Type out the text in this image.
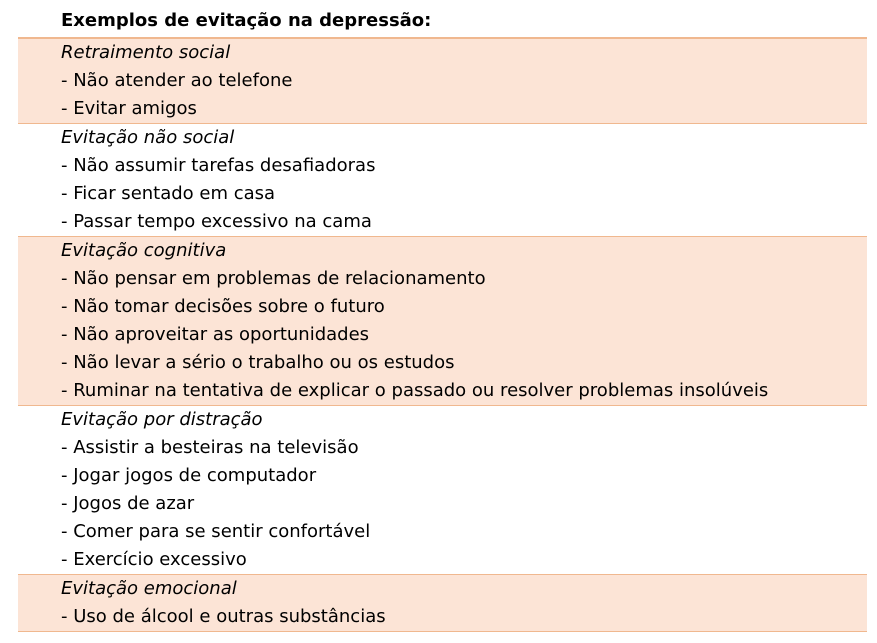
Exemplos de evitação na depressão:
Retraimento social
- Não atender ao telefone
- Evitar amigos
Evitação não social
- Não assumir tarefas desafiadoras
- Ficar sentado em casa
- Passar tempo excessivo na cama
Evitação cognitiva
- Não pensar em problemas de relacionamento
- Não tomar decisões sobre o futuro
- Não aproveitar as oportunidades
- Não levar a sério o trabalho ou os estudos
- Ruminar na tentativa de explicar o passado ou resolver problemas insolúveis
Evitação por distração
- Assistir a besteiras na televisão
- Jogar jogos de computador
- Jogos de azar
- Comer para se sentir confortável
- Exercício excessivo
Evitação emocional
- Uso de álcool e outras substâncias
